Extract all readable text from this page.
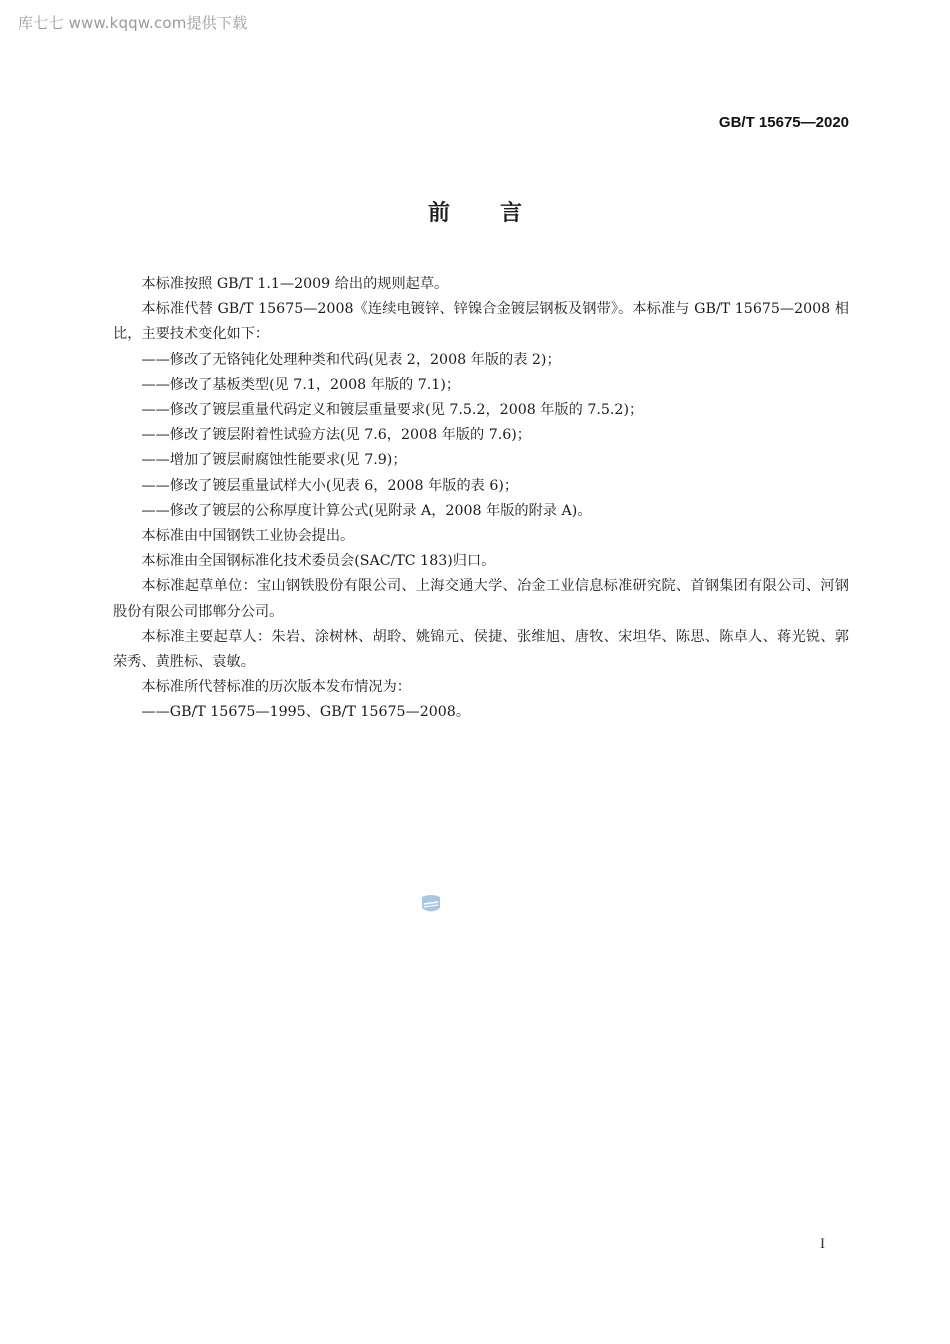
库七七 www.kqqw.com提供下载
GB/T 15675—2020
前言

本标准按照 GB/T 1.1—2009 给出的规则起草。

本标准代替 GB/T 15675—2008《连续电镀锌、锌镍合金镀层钢板及钢带》。本标准与 GB/T 15675—2008 相比，主要技术变化如下：

——修改了无铬钝化处理种类和代码(见表 2，2008 年版的表 2)；

——修改了基板类型(见 7.1，2008 年版的 7.1)；

——修改了镀层重量代码定义和镀层重量要求(见 7.5.2，2008 年版的 7.5.2)；

——修改了镀层附着性试验方法(见 7.6，2008 年版的 7.6)；

——增加了镀层耐腐蚀性能要求(见 7.9)；

——修改了镀层重量试样大小(见表 6，2008 年版的表 6)；

——修改了镀层的公称厚度计算公式(见附录 A，2008 年版的附录 A)。

本标准由中国钢铁工业协会提出。

本标准由全国钢标准化技术委员会(SAC/TC 183)归口。

本标准起草单位：宝山钢铁股份有限公司、上海交通大学、冶金工业信息标准研究院、首钢集团有限公司、河钢股份有限公司邯郸分公司。

本标准主要起草人：朱岩、涂树林、胡聆、姚锦元、侯捷、张维旭、唐牧、宋坦华、陈思、陈卓人、蒋光锐、郭荣秀、黄胜标、袁敏。

本标准所代替标准的历次版本发布情况为：

——GB/T 15675—1995、GB/T 15675—2008。

I
